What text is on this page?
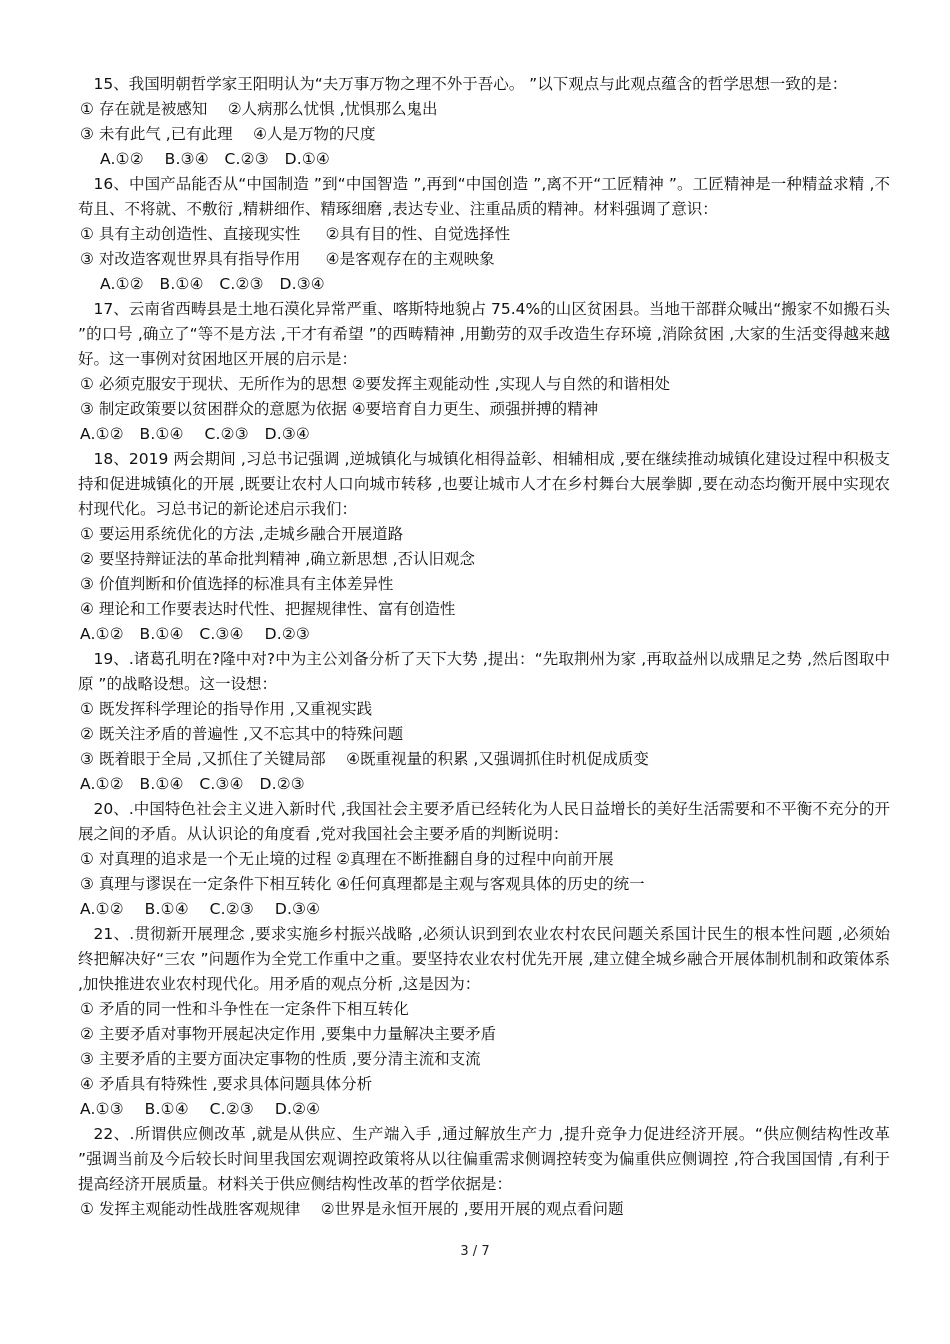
15、我国明朝哲学家王阳明认为“夫万事万物之理不外于吾心。 ”以下观点与此观点蕴含的哲学思想一致的是：

① 存在就是被感知 　②人病那么忧惧 ,忧惧那么鬼出

③ 未有此气 ,已有此理 　④人是万物的尺度

A.①②　 B.③④　C.②③　D.①④

16、中国产品能否从“中国制造 ”到“中国智造 ”,再到“中国创造 ”,离不开“工匠精神 ”。工匠精神是一种精益求精 ,不苟且、不将就、不敷衍 ,精耕细作、精琢细磨 ,表达专业、注重品质的精神。材料强调了意识：

① 具有主动创造性、直接现实性 　 ②具有目的性、自觉选择性

③ 对改造客观世界具有指导作用 　 ④是客观存在的主观映象

A.①②　B.①④　C.②③　D.③④

17、云南省西畴县是土地石漠化异常严重、喀斯特地貌占 75.4%的山区贫困县。当地干部群众喊出“搬家不如搬石头 ”的口号 ,确立了“等不是方法 ,干才有希望 ”的西畴精神 ,用勤劳的双手改造生存环境 ,消除贫困 ,大家的生活变得越来越好。这一事例对贫困地区开展的启示是：

① 必须克服安于现状、无所作为的思想 ②要发挥主观能动性 ,实现人与自然的和谐相处

③ 制定政策要以贫困群众的意愿为依据 ④要培育自力更生、顽强拼搏的精神

A.①②　B.①④　 C.②③　D.③④

18、2019 两会期间 ,习总书记强调 ,逆城镇化与城镇化相得益彰、相辅相成 ,要在继续推动城镇化建设过程中积极支持和促进城镇化的开展 ,既要让农村人口向城市转移 ,也要让城市人才在乡村舞台大展拳脚 ,要在动态均衡开展中实现农村现代化。习总书记的新论述启示我们：

① 要运用系统优化的方法 ,走城乡融合开展道路

② 要坚持辩证法的革命批判精神 ,确立新思想 ,否认旧观念

③ 价值判断和价值选择的标准具有主体差异性

④ 理论和工作要表达时代性、把握规律性、富有创造性

A.①②　B.①④　C.③④　 D.②③

19、.诸葛孔明在?隆中对?中为主公刘备分析了天下大势 ,提出：“先取荆州为家 ,再取益州以成鼎足之势 ,然后图取中原 ”的战略设想。这一设想：

① 既发挥科学理论的指导作用 ,又重视实践

② 既关注矛盾的普遍性 ,又不忘其中的特殊问题

③ 既着眼于全局 ,又抓住了关键局部 　④既重视量的积累 ,又强调抓住时机促成质变

A.①②　B.①④　C.③④　D.②③

20、.中国特色社会主义进入新时代 ,我国社会主要矛盾已经转化为人民日益增长的美好生活需要和不平衡不充分的开展之间的矛盾。从认识论的角度看 ,党对我国社会主要矛盾的判断说明：

① 对真理的追求是一个无止境的过程 ②真理在不断推翻自身的过程中向前开展

③ 真理与谬误在一定条件下相互转化 ④任何真理都是主观与客观具体的历史的统一

A.①②　 B.①④　 C.②③　 D.③④

21、.贯彻新开展理念 ,要求实施乡村振兴战略 ,必须认识到到农业农村农民问题关系国计民生的根本性问题 ,必须始终把解决好“三农 ”问题作为全党工作重中之重。要坚持农业农村优先开展 ,建立健全城乡融合开展体制机制和政策体系 ,加快推进农业农村现代化。用矛盾的观点分析 ,这是因为：

① 矛盾的同一性和斗争性在一定条件下相互转化

② 主要矛盾对事物开展起决定作用 ,要集中力量解决主要矛盾

③ 主要矛盾的主要方面决定事物的性质 ,要分清主流和支流

④ 矛盾具有特殊性 ,要求具体问题具体分析

A.①③　 B.①④　 C.②③　 D.②④

22、.所谓供应侧改革 ,就是从供应、生产端入手 ,通过解放生产力 ,提升竞争力促进经济开展。“供应侧结构性改革 ”强调当前及今后较长时间里我国宏观调控政策将从以往偏重需求侧调控转变为偏重供应侧调控 ,符合我国国情 ,有利于提高经济开展质量。材料关于供应侧结构性改革的哲学依据是：

① 发挥主观能动性战胜客观规律 　②世界是永恒开展的 ,要用开展的观点看问题

3 / 7
